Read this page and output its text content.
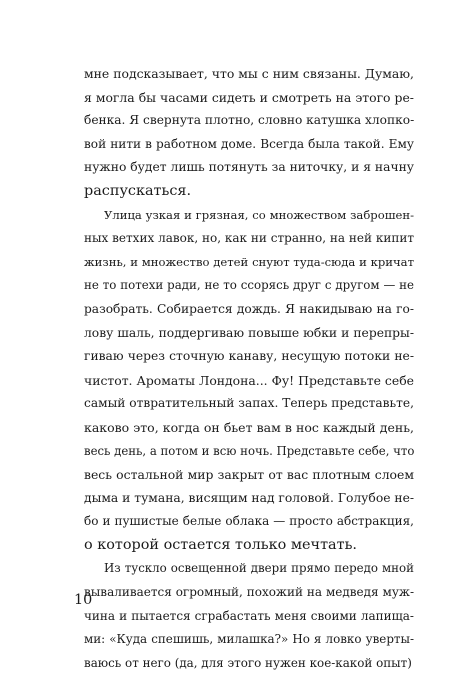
мне подсказывает, что мы с ним связаны. Думаю,
я могла бы часами сидеть и смотреть на этого ре-
бенка. Я свернута плотно, словно катушка хлопко-
вой нити в работном доме. Всегда была такой. Ему
нужно будет лишь потянуть за ниточку, и я начну
распускаться.
Улица узкая и грязная, со множеством заброшен-
ных ветхих лавок, но, как ни странно, на ней кипит
жизнь, и множество детей снуют туда-сюда и кричат
не то потехи ради, не то ссорясь друг с другом — не
разобрать. Собирается дождь. Я накидываю на го-
лову шаль, поддергиваю повыше юбки и перепры-
гиваю через сточную канаву, несущую потоки не-
чистот. Ароматы Лондона... Фу! Представьте себе
самый отвратительный запах. Теперь представьте,
каково это, когда он бьет вам в нос каждый день,
весь день, а потом и всю ночь. Представьте себе, что
весь остальной мир закрыт от вас плотным слоем
дыма и тумана, висящим над головой. Голубое не-
бо и пушистые белые облака — просто абстракция,
о которой остается только мечтать.
Из тускло освещенной двери прямо передо мной
вываливается огромный, похожий на медведя муж-
чина и пытается сграбастать меня своими лапища-
ми: «Куда спешишь, милашка?» Но я ловко уверты-
ваюсь от него (да, для этого нужен кое-какой опыт)
10
